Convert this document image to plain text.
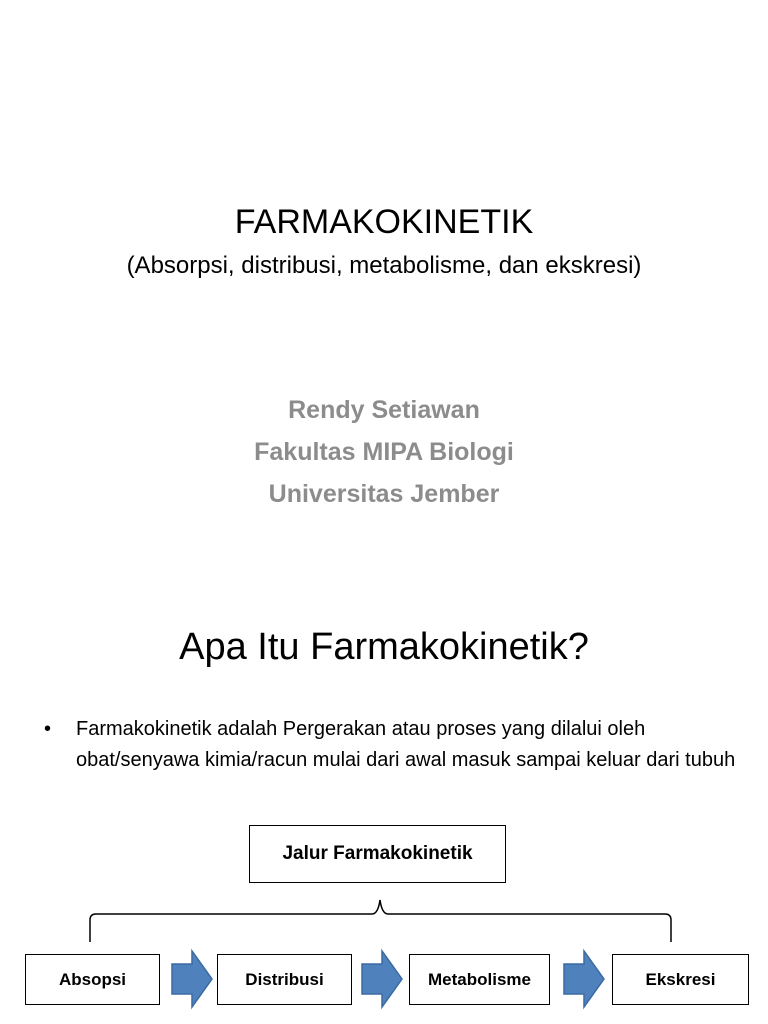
FARMAKOKINETIK
(Absorpsi, distribusi, metabolisme, dan ekskresi)
Rendy Setiawan
Fakultas MIPA Biologi
Universitas Jember
Apa Itu Farmakokinetik?
• Farmakokinetik adalah Pergerakan atau proses yang dilalui oleh obat/senyawa kimia/racun mulai dari awal masuk sampai keluar dari tubuh
Jalur Farmakokinetik
Absopsi	Distribusi	Metabolisme	Ekskresi
